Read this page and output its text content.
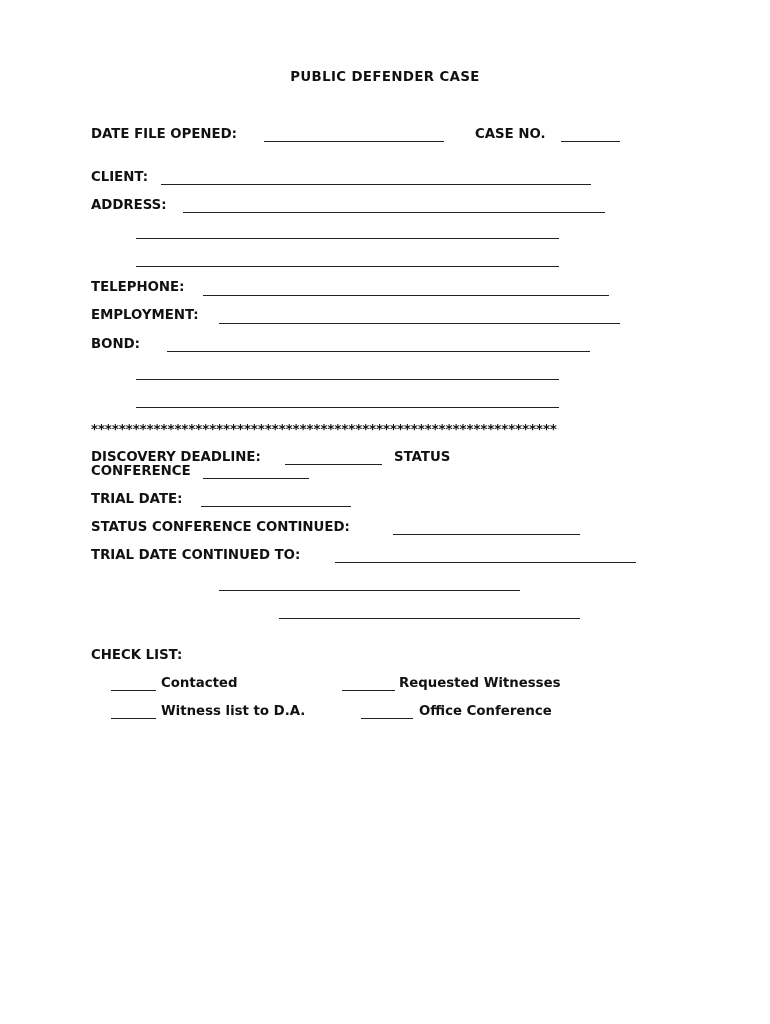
PUBLIC DEFENDER CASE
DATE FILE OPENED:	CASE NO.
CLIENT:
ADDRESS:
TELEPHONE:
EMPLOYMENT:
BOND:
*******************************************************************
DISCOVERY DEADLINE:	STATUS
CONFERENCE
TRIAL DATE:
STATUS CONFERENCE CONTINUED:
TRIAL DATE CONTINUED TO:
CHECK LIST:
Contacted	Requested Witnesses
Witness list to D.A.	Office Conference
